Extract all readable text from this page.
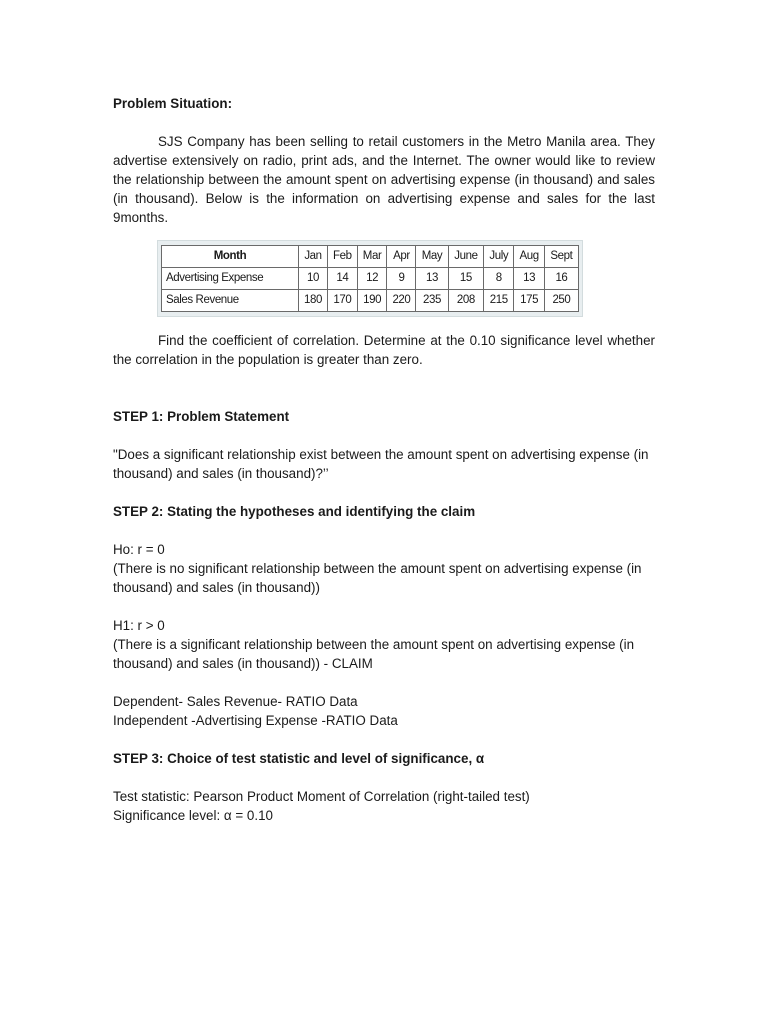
Problem Situation:

SJS Company has been selling to retail customers in the Metro Manila area. They advertise extensively on radio, print ads, and the Internet. The owner would like to review the relationship between the amount spent on advertising expense (in thousand) and sales (in thousand). Below is the information on advertising expense and sales for the last 9months.

Month	Jan	Feb	Mar	Apr	May	June	July	Aug	Sept
Advertising Expense	10	14	12	9	13	15	8	13	16
Sales Revenue	180	170	190	220	235	208	215	175	250

Find the coefficient of correlation. Determine at the 0.10 significance level whether the correlation in the population is greater than zero.

STEP 1: Problem Statement

"Does a significant relationship exist between the amount spent on advertising expense (in thousand) and sales (in thousand)?’’

STEP 2: Stating the hypotheses and identifying the claim

Ho: r = 0

(There is no significant relationship between the amount spent on advertising expense (in thousand) and sales (in thousand))

H1: r > 0

(There is a significant relationship between the amount spent on advertising expense (in thousand) and sales (in thousand)) - CLAIM

Dependent- Sales Revenue- RATIO Data

Independent -Advertising Expense -RATIO Data

STEP 3: Choice of test statistic and level of significance, α

Test statistic: Pearson Product Moment of Correlation (right-tailed test)

Significance level: α = 0.10
